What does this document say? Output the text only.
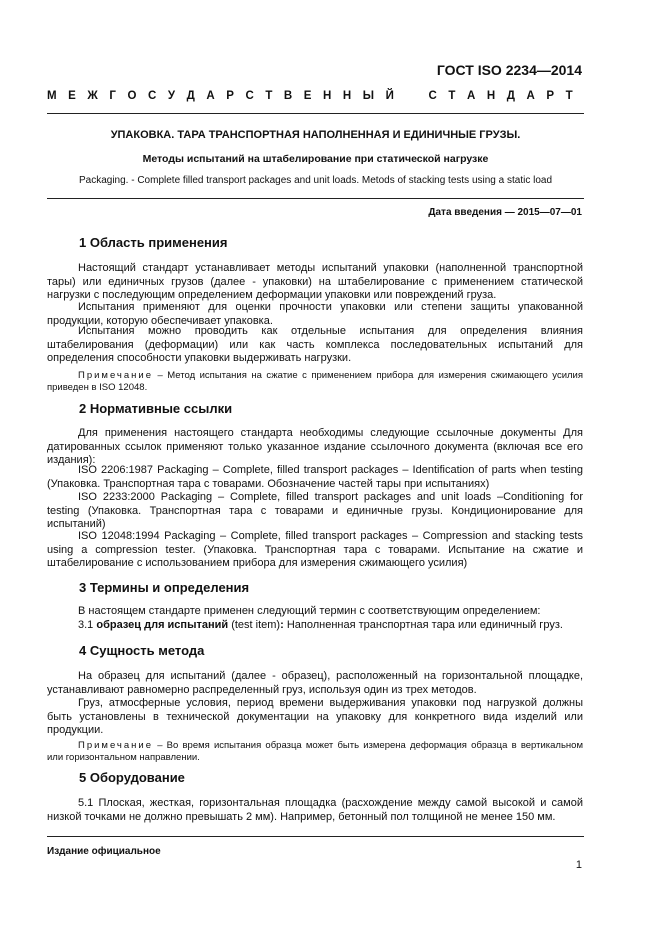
ГОСТ ISO 2234—2014
М Е Ж Г О С У Д А Р С Т В Е Н Н Ы Й	С Т А Н Д А Р Т
УПАКОВКА. ТАРА ТРАНСПОРТНАЯ НАПОЛНЕННАЯ И ЕДИНИЧНЫЕ ГРУЗЫ.
Методы испытаний на штабелирование при статической нагрузке
Packaging. - Complete filled transport packages and unit loads. Metods of stacking tests using a static load
Дата введения — 2015—07—01
1 Область применения
Настоящий стандарт устанавливает методы испытаний упаковки (наполненной транспортной тары) или единичных грузов (далее - упаковки) на штабелирование с применением статической нагрузки с последующим определением деформации упаковки или повреждений груза.
Испытания применяют для оценки прочности упаковки или степени защиты упакованной продукции, которую обеспечивает упаковка.
Испытания можно проводить как отдельные испытания для определения влияния штабелирования (деформации) или как часть комплекса последовательных испытаний для определения способности упаковки выдерживать нагрузки.
Примечание – Метод испытания на сжатие с применением прибора для измерения сжимающего усилия приведен в ISO 12048.
2 Нормативные ссылки
Для применения настоящего стандарта необходимы следующие ссылочные документы Для датированных ссылок применяют только указанное издание ссылочного документа (включая все его издания):
ISO 2206:1987 Packaging – Complete, filled transport packages – Identification of parts when testing (Упаковка. Транспортная тара с товарами. Обозначение частей тары при испытаниях)
ISO 2233:2000 Packaging – Complete, filled transport packages and unit loads –Conditioning for testing (Упаковка. Транспортная тара с товарами и единичные грузы. Кондиционирование для испытаний)
ISO 12048:1994 Packaging – Complete, filled transport packages – Compression and stacking tests using a compression tester. (Упаковка. Транспортная тара с товарами. Испытание на сжатие и штабелирование с использованием прибора для измерения сжимающего усилия)
3 Термины и определения
В настоящем стандарте применен следующий термин с соответствующим определением:
3.1 образец для испытаний (test item): Наполненная транспортная тара или единичный груз.
4 Сущность метода
На образец для испытаний (далее - образец), расположенный на горизонтальной площадке, устанавливают равномерно распределенный груз, используя один из трех методов.
Груз, атмосферные условия, период времени выдерживания упаковки под нагрузкой должны быть установлены в технической документации на упаковку для конкретного вида изделий или продукции.
Примечание – Во время испытания образца может быть измерена деформация образца в вертикальном или горизонтальном направлении.
5 Оборудование
5.1 Плоская, жесткая, горизонтальная площадка (расхождение между самой высокой и самой низкой точками не должно превышать 2 мм). Например, бетонный пол толщиной не менее 150 мм.
Издание официальное
1
